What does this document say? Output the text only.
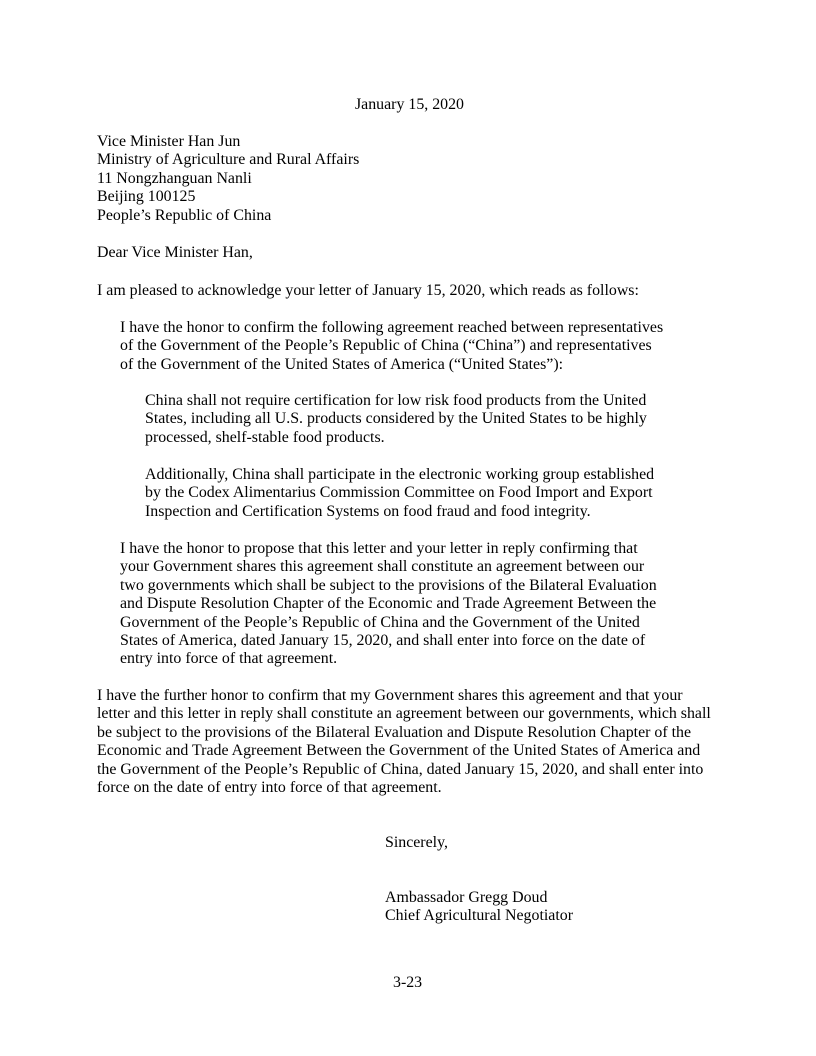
January 15, 2020
Vice Minister Han Jun
Ministry of Agriculture and Rural Affairs
11 Nongzhanguan Nanli
Beijing 100125
People’s Republic of China
Dear Vice Minister Han,
I am pleased to acknowledge your letter of January 15, 2020, which reads as follows:
I have the honor to confirm the following agreement reached between representatives
of the Government of the People’s Republic of China (“China”) and representatives
of the Government of the United States of America (“United States”):
China shall not require certification for low risk food products from the United
States, including all U.S. products considered by the United States to be highly
processed, shelf-stable food products.
Additionally, China shall participate in the electronic working group established
by the Codex Alimentarius Commission Committee on Food Import and Export
Inspection and Certification Systems on food fraud and food integrity.
I have the honor to propose that this letter and your letter in reply confirming that
your Government shares this agreement shall constitute an agreement between our
two governments which shall be subject to the provisions of the Bilateral Evaluation
and Dispute Resolution Chapter of the Economic and Trade Agreement Between the
Government of the People’s Republic of China and the Government of the United
States of America, dated January 15, 2020, and shall enter into force on the date of
entry into force of that agreement.
I have the further honor to confirm that my Government shares this agreement and that your
letter and this letter in reply shall constitute an agreement between our governments, which shall
be subject to the provisions of the Bilateral Evaluation and Dispute Resolution Chapter of the
Economic and Trade Agreement Between the Government of the United States of America and
the Government of the People’s Republic of China, dated January 15, 2020, and shall enter into
force on the date of entry into force of that agreement.
Sincerely,
Ambassador Gregg Doud
Chief Agricultural Negotiator
3-23
